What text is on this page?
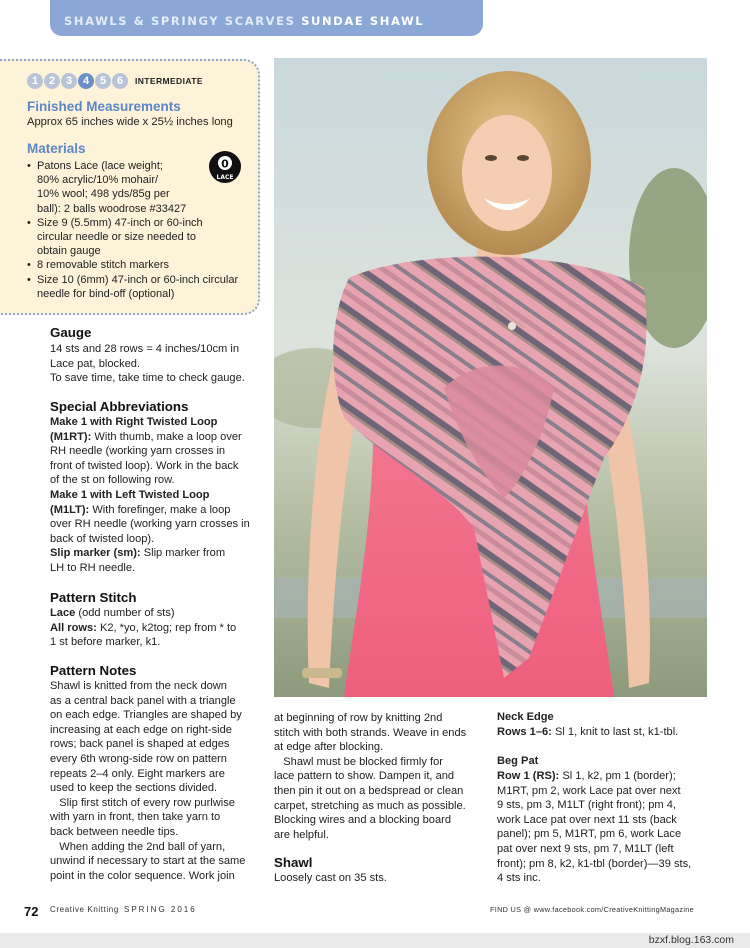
SHAWLS & SPRINGY SCARVES SUNDAE SHAWL
1 2 3 4 5 6	INTERMEDIATE
Finished Measurements
Approx 65 inches wide x 25½ inches long
Materials
• Patons Lace (lace weight;
80% acrylic/10% mohair/
10% wool; 498 yds/85g per
ball): 2 balls woodrose #33427
• Size 9 (5.5mm) 47-inch or 60-inch
circular needle or size needed to
obtain gauge
• 8 removable stitch markers
• Size 10 (6mm) 47-inch or 60-inch circular
needle for bind-off (optional)
0
LACE
Gauge
14 sts and 28 rows = 4 inches/10cm in
Lace pat, blocked.
To save time, take time to check gauge.
Special Abbreviations
Make 1 with Right Twisted Loop
(M1RT): With thumb, make a loop over
RH needle (working yarn crosses in
front of twisted loop). Work in the back
of the st on following row.
Make 1 with Left Twisted Loop
(M1LT): With forefinger, make a loop
over RH needle (working yarn crosses in
back of twisted loop).
Slip marker (sm): Slip marker from
LH to RH needle.
Pattern Stitch
Lace (odd number of sts)
All rows: K2, *yo, k2tog; rep from * to
1 st before marker, k1.
Pattern Notes
Shawl is knitted from the neck down
as a central back panel with a triangle
on each edge. Triangles are shaped by
increasing at each edge on right-side
rows; back panel is shaped at edges
every 6th wrong-side row on pattern
repeats 2–4 only. Eight markers are
used to keep the sections divided.
Slip first stitch of every row purlwise
with yarn in front, then take yarn to
back between needle tips.
When adding the 2nd ball of yarn,
unwind if necessary to start at the same
point in the color sequence. Work join
at beginning of row by knitting 2nd
stitch with both strands. Weave in ends
at edge after blocking.
Shawl must be blocked firmly for
lace pattern to show. Dampen it, and
then pin it out on a bedspread or clean
carpet, stretching as much as possible.
Blocking wires and a blocking board
are helpful.
Shawl
Loosely cast on 35 sts.
Neck Edge
Rows 1–6: Sl 1, knit to last st, k1-tbl.
Beg Pat
Row 1 (RS): Sl 1, k2, pm 1 (border);
M1RT, pm 2, work Lace pat over next
9 sts, pm 3, M1LT (right front); pm 4,
work Lace pat over next 11 sts (back
panel); pm 5, M1RT, pm 6, work Lace
pat over next 9 sts, pm 7, M1LT (left
front); pm 8, k2, k1-tbl (border)—39 sts,
4 sts inc.
72 Creative Knitting SPRING 2016	FIND US @ www.facebook.com/CreativeKnittingMagazine
bzxf.blog.163.com
